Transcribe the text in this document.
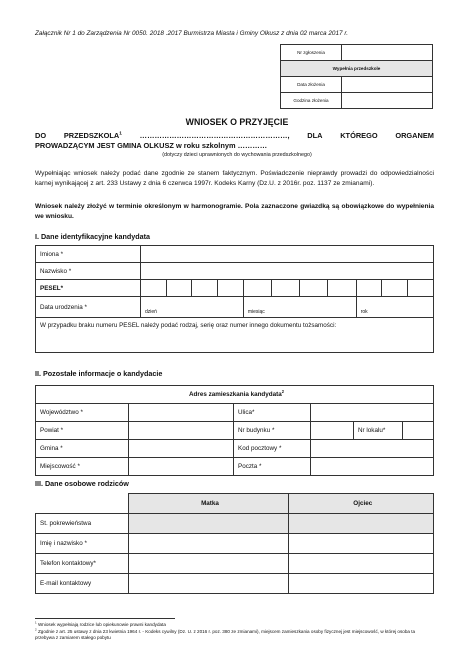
Załącznik Nr 1 do Zarządzenia Nr 0050. 2018 .2017 Burmistrza Miasta i Gminy Olkusz z dnia 02 marca 2017 r.
Nr zgłoszenia	
Wypełnia przedszkole	
Data złożenia	
Godzina złożenia	
WNIOSEK O PRZYJĘCIE
DO PRZEDSZKOLA$^1$ ……………………………………………………, DLA KTÓREGO ORGANEM
PROWADZĄCYM JEST GMINA OLKUSZ w roku szkolnym …………
(dotyczy dzieci uprawnionych do wychowania przedszkolnego)
Wypełniając wniosek należy podać dane zgodnie ze stanem faktycznym. Poświadczenie nieprawdy prowadzi do odpowiedzialności karnej wynikającej z art. 233 Ustawy z dnia 6 czerwca 1997r. Kodeks Karny (Dz.U. z 2016r. poz. 1137 ze zmianami).
Wniosek należy złożyć w terminie określonym w harmonogramie. Pola zaznaczone gwiazdką są obowiązkowe do wypełnienia we wniosku.
I. Dane identyfikacyjne kandydata
Imiona *											
Nazwisko *											
PESEL*											
Data urodzenia *	dzień				miesiąc				rok		
W przypadku braku numeru PESEL należy podać rodzaj, serię oraz numer innego dokumentu tożsamości:											
II. Pozostałe informacje o kandydacie
Adres zamieszkania kandydata$^2$
Województwo *		Ulica*			
Powiat *		Nr budynku *		Nr lokalu*	
Gmina *		Kod pocztowy *			
Miejscowość *		Poczta *			
III. Dane osobowe rodziców
	Matka	Ojciec
St. pokrewieństwa		
Imię i nazwisko *		
Telefon kontaktowy*		
E-mail kontaktowy		
$^1$ Wniosek wypełniają rodzice lub opiekunowie prawni kandydata
$^2$ Zgodnie z art. 25 ustawy z dnia 23 kwietnia 1964 r. - Kodeks cywilny (Dz. U. z 2016 r. poz. 380 ze zmianami), miejscem zamieszkania osoby fizycznej jest miejscowość, w której osoba ta przebywa z zamiarem stałego pobytu
